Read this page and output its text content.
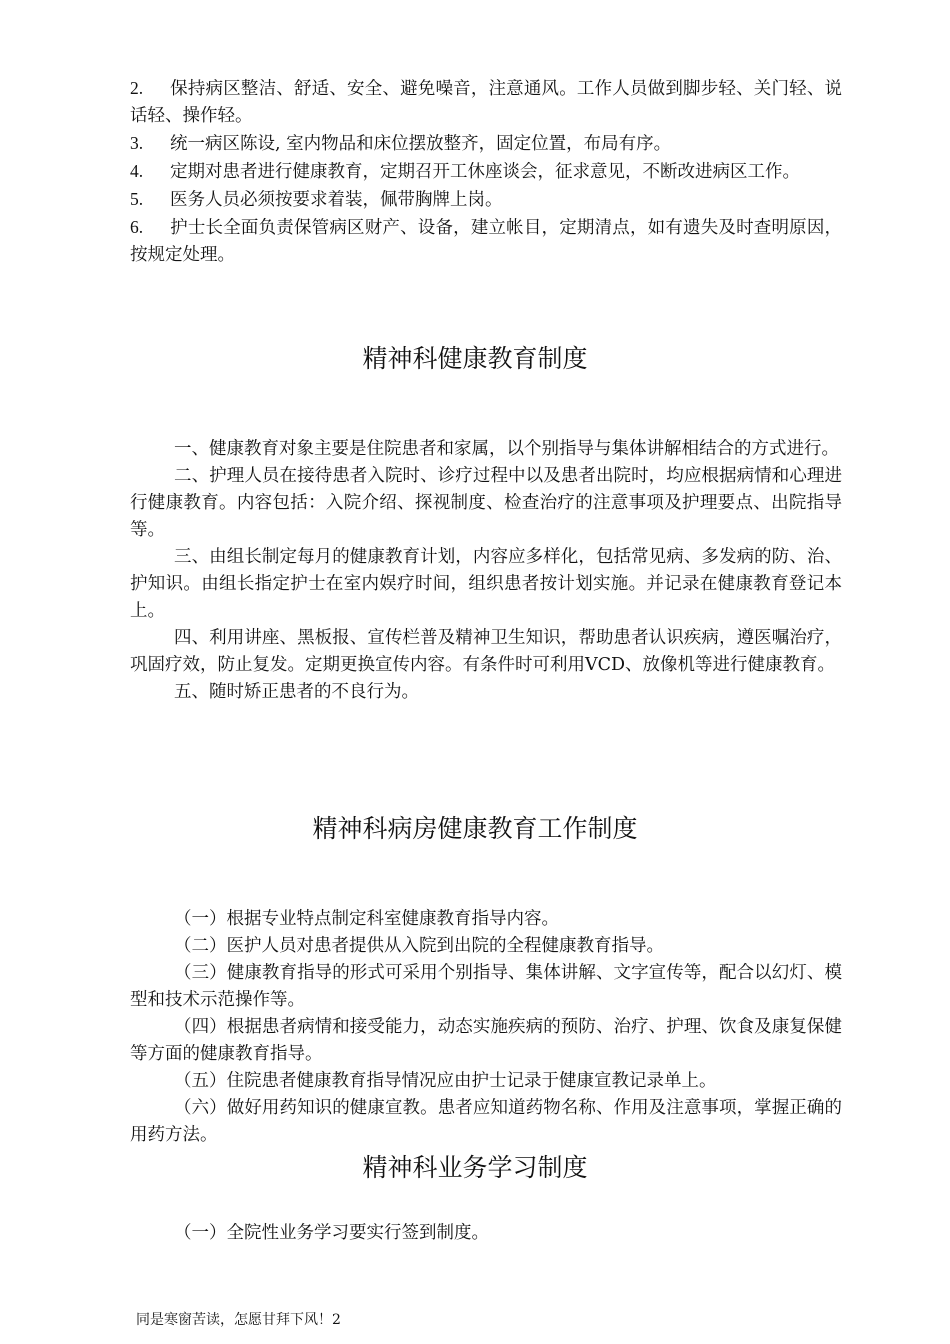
2. 保持病区整洁、舒适、安全、避免噪音，注意通风。工作人员做到脚步轻、关门轻、说话轻、操作轻。

3. 统一病区陈设, 室内物品和床位摆放整齐，固定位置，布局有序。

4. 定期对患者进行健康教育，定期召开工休座谈会，征求意见，不断改进病区工作。

5. 医务人员必须按要求着装，佩带胸牌上岗。

6. 护士长全面负责保管病区财产、设备，建立帐目，定期清点，如有遗失及时查明原因，按规定处理。

精神科健康教育制度

一、健康教育对象主要是住院患者和家属，以个别指导与集体讲解相结合的方式进行。

二、护理人员在接待患者入院时、诊疗过程中以及患者出院时，均应根据病情和心理进行健康教育。内容包括：入院介绍、探视制度、检查治疗的注意事项及护理要点、出院指导等。

三、由组长制定每月的健康教育计划，内容应多样化，包括常见病、多发病的防、治、护知识。由组长指定护士在室内娱疗时间，组织患者按计划实施。并记录在健康教育登记本上。

四、利用讲座、黑板报、宣传栏普及精神卫生知识，帮助患者认识疾病，遵医嘱治疗，巩固疗效，防止复发。定期更换宣传内容。有条件时可利用VCD、放像机等进行健康教育。

五、随时矫正患者的不良行为。

精神科病房健康教育工作制度

（一）根据专业特点制定科室健康教育指导内容。

（二）医护人员对患者提供从入院到出院的全程健康教育指导。

（三）健康教育指导的形式可采用个别指导、集体讲解、文字宣传等，配合以幻灯、模型和技术示范操作等。

（四）根据患者病情和接受能力，动态实施疾病的预防、治疗、护理、饮食及康复保健等方面的健康教育指导。

（五）住院患者健康教育指导情况应由护士记录于健康宣教记录单上。

（六）做好用药知识的健康宣教。患者应知道药物名称、作用及注意事项，掌握正确的用药方法。

精神科业务学习制度

（一）全院性业务学习要实行签到制度。

同是寒窗苦读，怎愿甘拜下风！2
